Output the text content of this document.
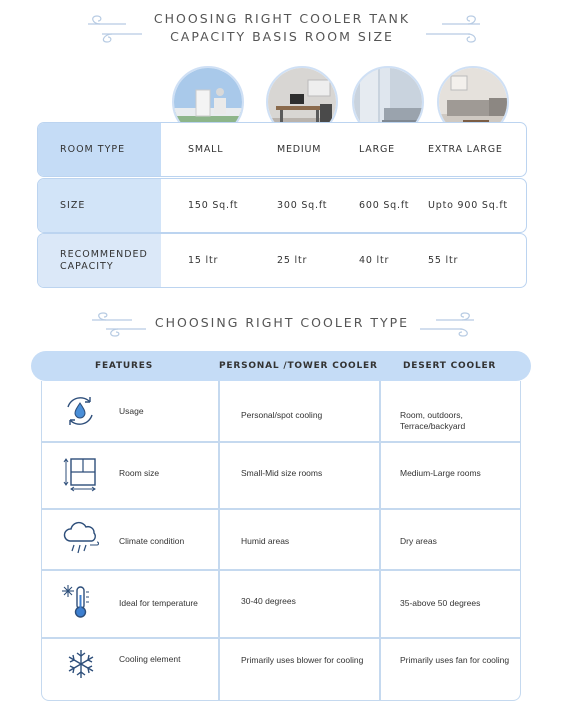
CHOOSING RIGHT COOLER TANK
CAPACITY BASIS ROOM SIZE
ROOM TYPE	SMALL	MEDIUM	LARGE	EXTRA LARGE
SIZE	150 Sq.ft	300 Sq.ft	600 Sq.ft Upto 900 Sq.ft
RECOMMENDED
CAPACITY	15 ltr	25 ltr	40 ltr	55 ltr
CHOOSING RIGHT COOLER TYPE
FEATURES	PERSONAL /TOWER COOLER	DESERT COOLER
Usage	Personal/spot cooling	Room, outdoors,
Terrace/backyard
Room size	Small-Mid size rooms	Medium-Large rooms
Climate condition	Humid areas	Dry areas
Ideal for temperature	30-40 degrees	35-above 50 degrees
Cooling element	Primarily uses blower for cooling	Primarily uses fan for cooling
